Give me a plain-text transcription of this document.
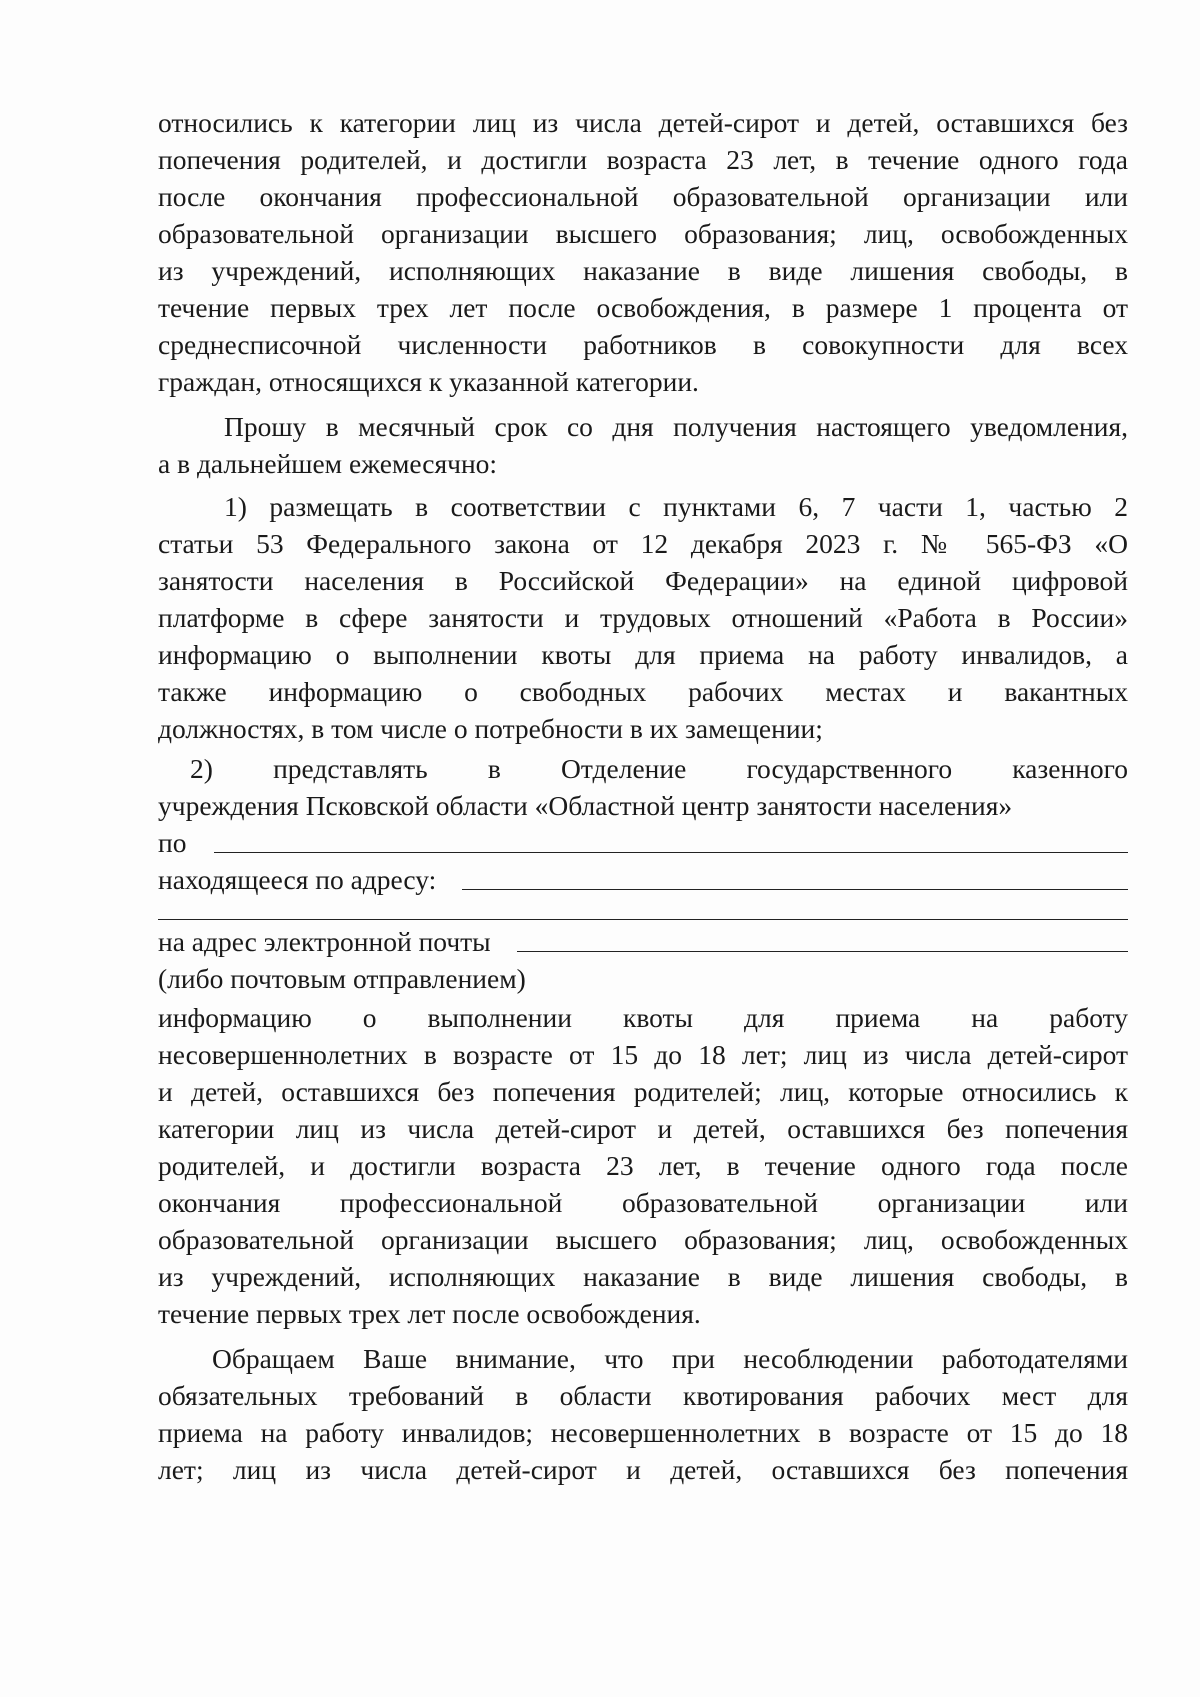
относились к категории лиц из числа детей-сирот и детей, оставшихся без
попечения родителей, и достигли возраста 23 лет, в течение одного года
после окончания профессиональной образовательной организации или
образовательной организации высшего образования; лиц, освобожденных
из учреждений, исполняющих наказание в виде лишения свободы, в
течение первых трех лет после освобождения, в размере 1 процента от
среднесписочной численности работников в совокупности для всех
граждан, относящихся к указанной категории.
Прошу в месячный срок со дня получения настоящего уведомления,
а в дальнейшем ежемесячно:
1) размещать в соответствии с пунктами 6, 7 части 1, частью 2
статьи 53 Федерального закона от 12 декабря 2023 г. № 565-ФЗ «О
занятости населения в Российской Федерации» на единой цифровой
платформе в сфере занятости и трудовых отношений «Работа в России»
информацию о выполнении квоты для приема на работу инвалидов, а
также информацию о свободных рабочих местах и вакантных
должностях, в том числе о потребности в их замещении;
2) представлять в Отделение государственного казенного
учреждения Псковской области «Областной центр занятости населения»
по
находящееся по адресу:
на адрес электронной почты
(либо почтовым отправлением)
информацию о выполнении квоты для приема на работу
несовершеннолетних в возрасте от 15 до 18 лет; лиц из числа детей-сирот
и детей, оставшихся без попечения родителей; лиц, которые относились к
категории лиц из числа детей-сирот и детей, оставшихся без попечения
родителей, и достигли возраста 23 лет, в течение одного года после
окончания профессиональной образовательной организации или
образовательной организации высшего образования; лиц, освобожденных
из учреждений, исполняющих наказание в виде лишения свободы, в
течение первых трех лет после освобождения.
Обращаем Ваше внимание, что при несоблюдении работодателями
обязательных требований в области квотирования рабочих мест для
приема на работу инвалидов; несовершеннолетних в возрасте от 15 до 18
лет; лиц из числа детей-сирот и детей, оставшихся без попечения
